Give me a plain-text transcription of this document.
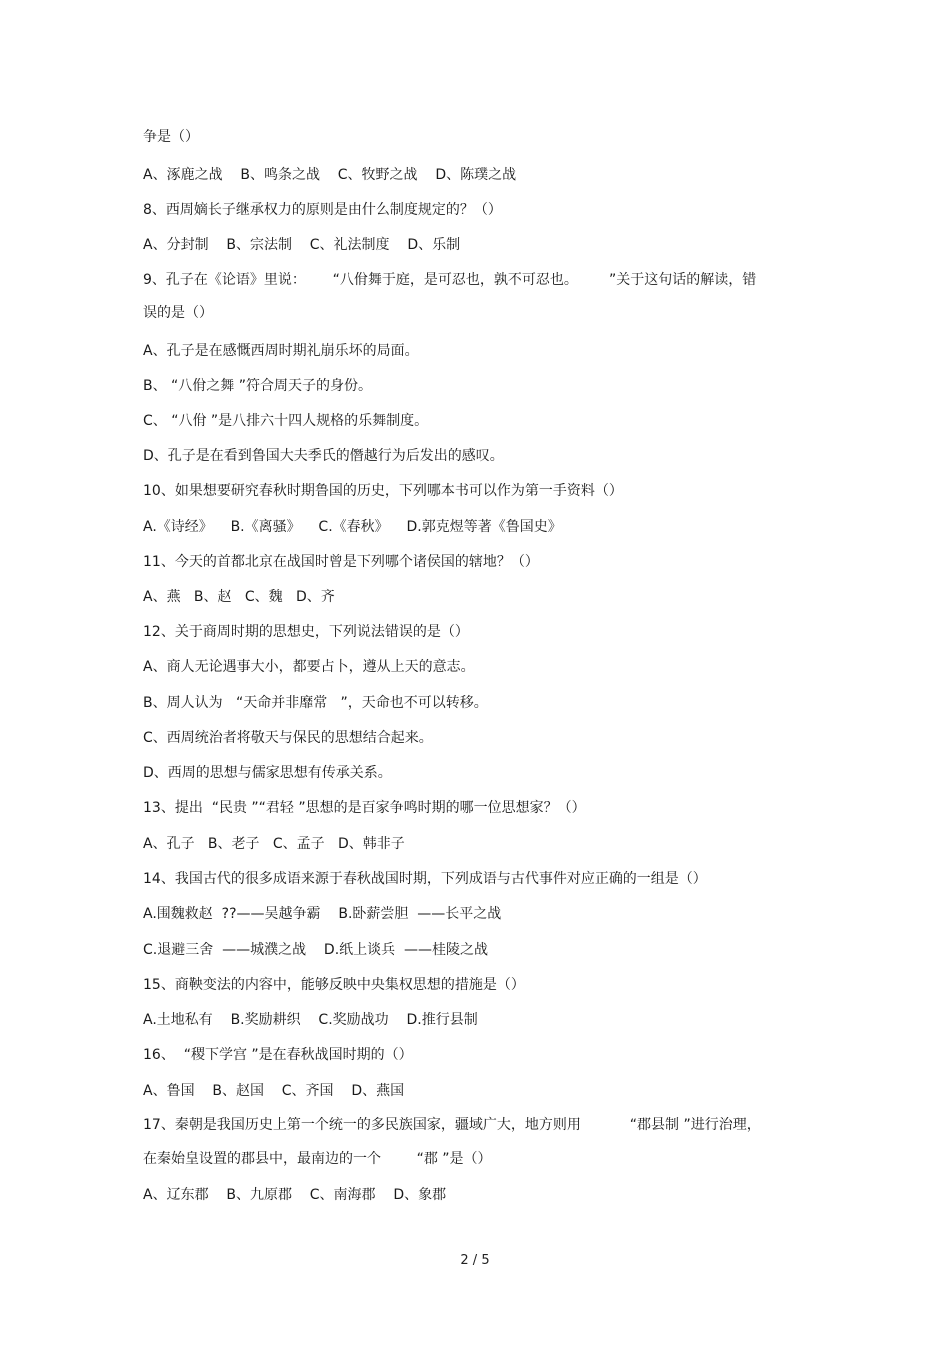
争是（）
A、涿鹿之战    B、鸣条之战    C、牧野之战    D、陈璞之战
8、西周嫡长子继承权力的原则是由什么制度规定的？（）
A、分封制    B、宗法制    C、礼法制度    D、乐制
9、孔子在《论语》里说：      “八佾舞于庭，是可忍也，孰不可忍也。       ”关于这句话的解读，错
误的是（）
A、孔子是在感慨西周时期礼崩乐坏的局面。
B、 “八佾之舞 ”符合周天子的身份。
C、 “八佾 ”是八排六十四人规格的乐舞制度。
D、孔子是在看到鲁国大夫季氏的僭越行为后发出的感叹。
10、如果想要研究春秋时期鲁国的历史，下列哪本书可以作为第一手资料（）
A.《诗经》    B.《离骚》    C.《春秋》    D.郭克煜等著《鲁国史》
11、今天的首都北京在战国时曾是下列哪个诸侯国的辖地？（）
A、燕   B、赵   C、魏   D、齐
12、关于商周时期的思想史，下列说法错误的是（）
A、商人无论遇事大小，都要占卜，遵从上天的意志。
B、周人认为   “天命并非靡常   ”，天命也不可以转移。
C、西周统治者将敬天与保民的思想结合起来。
D、西周的思想与儒家思想有传承关系。
13、提出  “民贵 ”“君轻 ”思想的是百家争鸣时期的哪一位思想家？（）
A、孔子   B、老子   C、孟子   D、韩非子
14、我国古代的很多成语来源于春秋战国时期，下列成语与古代事件对应正确的一组是（）
A.围魏救赵  ??——吴越争霸    B.卧薪尝胆  ——长平之战
C.退避三舍  ——城濮之战    D.纸上谈兵  ——桂陵之战
15、商鞅变法的内容中，能够反映中央集权思想的措施是（）
A.土地私有    B.奖励耕织    C.奖励战功    D.推行县制
16、  “稷下学宫 ”是在春秋战国时期的（）
A、鲁国    B、赵国    C、齐国    D、燕国
17、秦朝是我国历史上第一个统一的多民族国家，疆域广大，地方则用           “郡县制 ”进行治理，
在秦始皇设置的郡县中，最南边的一个        “郡 ”是（）
A、辽东郡    B、九原郡    C、南海郡    D、象郡
2 / 5
